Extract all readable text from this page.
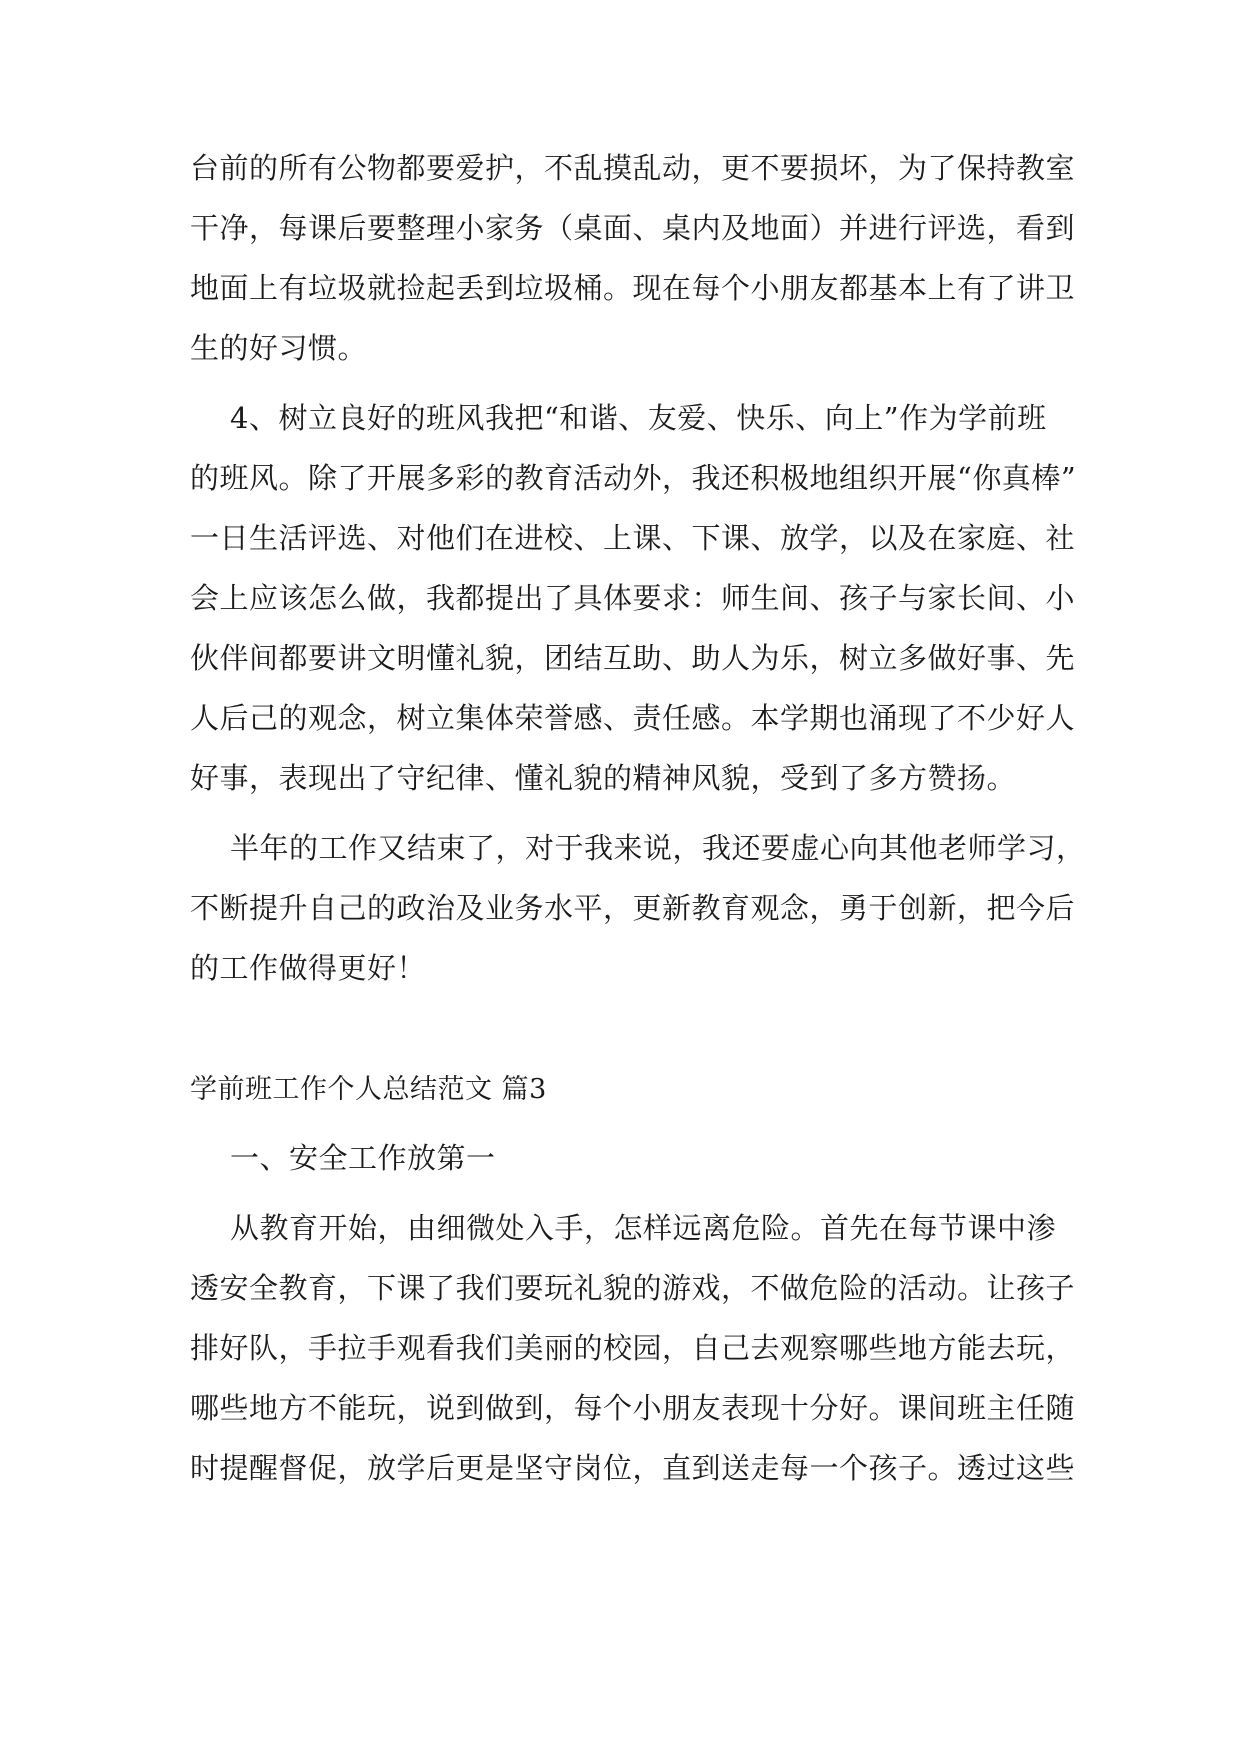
台前的所有公物都要爱护，不乱摸乱动，更不要损坏，为了保持教室
干净，每课后要整理小家务（桌面、桌内及地面）并进行评选，看到
地面上有垃圾就捡起丢到垃圾桶。现在每个小朋友都基本上有了讲卫
生的好习惯。
4、树立良好的班风我把“和谐、友爱、快乐、向上”作为学前班
的班风。除了开展多彩的教育活动外，我还积极地组织开展“你真棒”
一日生活评选、对他们在进校、上课、下课、放学，以及在家庭、社
会上应该怎么做，我都提出了具体要求：师生间、孩子与家长间、小
伙伴间都要讲文明懂礼貌，团结互助、助人为乐，树立多做好事、先
人后己的观念，树立集体荣誉感、责任感。本学期也涌现了不少好人
好事，表现出了守纪律、懂礼貌的精神风貌，受到了多方赞扬。
半年的工作又结束了，对于我来说，我还要虚心向其他老师学习，
不断提升自己的政治及业务水平，更新教育观念，勇于创新，把今后
的工作做得更好！
学前班工作个人总结范文 篇3
一、安全工作放第一
从教育开始，由细微处入手，怎样远离危险。首先在每节课中渗
透安全教育，下课了我们要玩礼貌的游戏，不做危险的活动。让孩子
排好队，手拉手观看我们美丽的校园，自己去观察哪些地方能去玩，
哪些地方不能玩，说到做到，每个小朋友表现十分好。课间班主任随
时提醒督促，放学后更是坚守岗位，直到送走每一个孩子。透过这些
